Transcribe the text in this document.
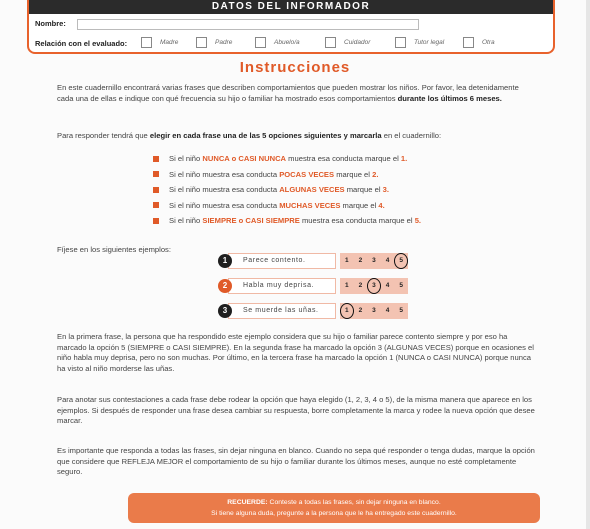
DATOS DEL INFORMADOR
Nombre:
Relación con el evaluado:	Madre	Padre	Abuelo/a	Cuidador	Tutor legal	Otra
Instrucciones
En este cuadernillo encontrará varias frases que describen comportamientos que pueden mostrar los niños. Por favor, lea detenidamente cada una de ellas e indique con qué frecuencia su hijo o familiar ha mostrado esos comportamientos durante los últimos 6 meses.
Para responder tendrá que elegir en cada frase una de las 5 opciones siguientes y marcarla en el cuadernillo:
Si el niño
NUNCA o CASI NUNCA
muestra esa conducta marque el
1.
Si el niño muestra esa conducta
POCAS VECES
marque el
2.
Si el niño muestra esa conducta
ALGUNAS VECES
marque el
3.
Si el niño muestra esa conducta
MUCHAS VECES
marque el
4.
Si el niño
SIEMPRE o CASI SIEMPRE
muestra esa conducta marque el
5.
Fíjese en los siguientes ejemplos:
Parece contento.
1	1	2	3	4	5
Habla muy deprisa.
2	1	2	3	4	5
Se muerde las uñas.
3	1	2	3	4	5
En la primera frase, la persona que ha respondido este ejemplo considera que su hijo o familiar parece contento siempre y por eso ha marcado la opción 5 (SIEMPRE o CASI SIEMPRE). En la segunda frase ha marcado la opción 3 (ALGUNAS VECES) porque en ocasiones el niño habla muy deprisa, pero no son muchas. Por último, en la tercera frase ha marcado la opción 1 (NUNCA o CASI NUNCA) porque nunca ha visto al niño morderse las uñas.
Para anotar sus contestaciones a cada frase debe rodear la opción que haya elegido (1, 2, 3, 4 o 5), de la misma manera que aparece en los ejemplos. Si después de responder una frase desea cambiar su respuesta, borre completamente la marca y rodee la nueva opción que desee marcar.
Es importante que responda a todas las frases, sin dejar ninguna en blanco. Cuando no sepa qué responder o tenga dudas, marque la opción que considere que REFLEJA MEJOR el comportamiento de su hijo o familiar durante los últimos meses, aunque no esté completamente seguro.
RECUERDE: Conteste a todas las frases, sin dejar ninguna en blanco.
Si tiene alguna duda, pregunte a la persona que le ha entregado este cuadernillo.
